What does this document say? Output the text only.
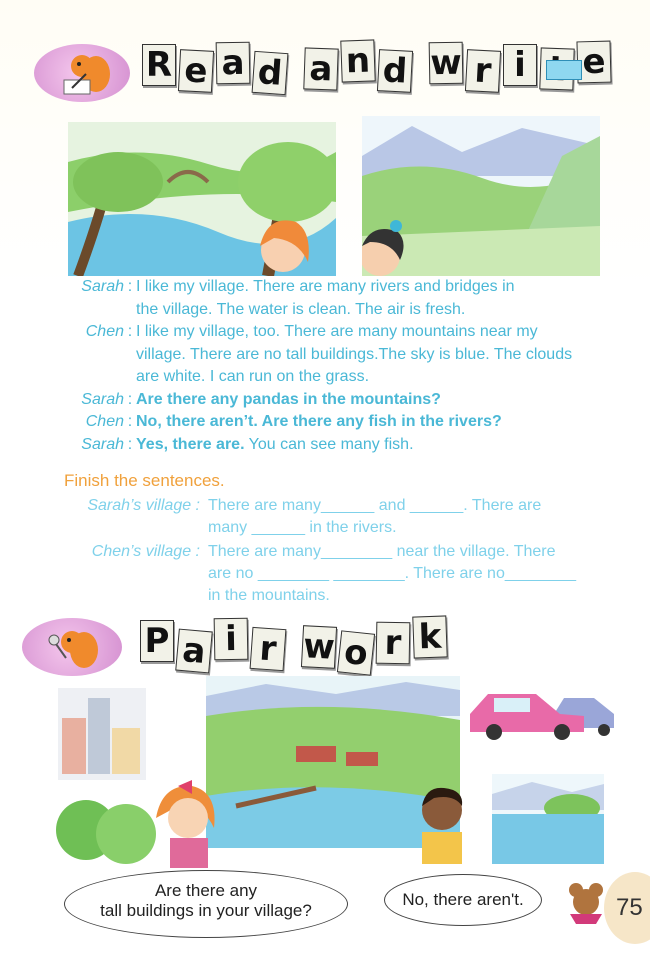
R e a d a n d w r i	e
Sarah : I like my village. There are many rivers and bridges in
the village. The water is clean. The air is fresh.
Chen : I like my village, too. There are many mountains near my
village. There are no tall buildings.The sky is blue. The clouds
are white. I can run on the grass.
Sarah : Are there any pandas in the mountains?
Chen : No, there aren’t. Are there any fish in the rivers?
Sarah : Yes, there are. You can see many fish.
Finish the sentences.
Sarah’s village : There are many______ and ______. There are
many ______ in the rivers.
Chen’s village : There are many________ near the village. There
are no ________ ________. There are no________
in the mountains.
P a i r w o r k
Are there any
tall buildings in your village?
No, there aren't.	75
